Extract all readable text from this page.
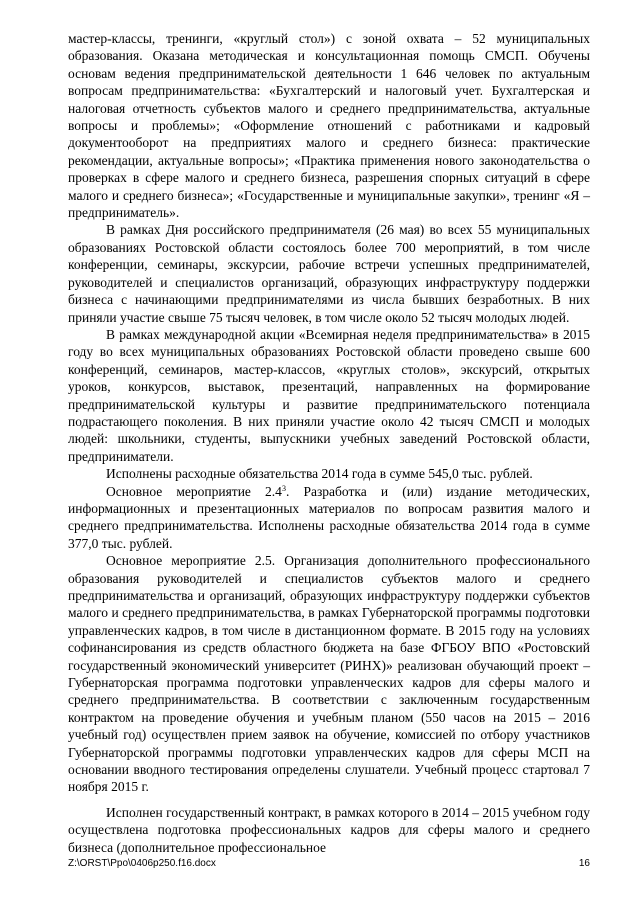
мастер-классы, тренинги, «круглый стол») с зоной охвата – 52 муниципальных образования. Оказана методическая и консультационная помощь СМСП. Обучены основам ведения предпринимательской деятельности 1 646 человек по актуальным вопросам предпринимательства: «Бухгалтерский и налоговый учет. Бухгалтерская и налоговая отчетность субъектов малого и среднего предпринимательства, актуальные вопросы и проблемы»; «Оформление отношений с работниками и кадровый документооборот на предприятиях малого и среднего бизнеса: практические рекомендации, актуальные вопросы»; «Практика применения нового законодательства о проверках в сфере малого и среднего бизнеса, разрешения спорных ситуаций в сфере малого и среднего бизнеса»; «Государственные и муниципальные закупки», тренинг «Я – предприниматель».

В рамках Дня российского предпринимателя (26 мая) во всех 55 муниципальных образованиях Ростовской области состоялось более 700 мероприятий, в том числе конференции, семинары, экскурсии, рабочие встречи успешных предпринимателей, руководителей и специалистов организаций, образующих инфраструктуру поддержки бизнеса с начинающими предпринимателями из числа бывших безработных. В них приняли участие свыше 75 тысяч человек, в том числе около 52 тысяч молодых людей.

В рамках международной акции «Всемирная неделя предпринимательства» в 2015 году во всех муниципальных образованиях Ростовской области проведено свыше 600 конференций, семинаров, мастер-классов, «круглых столов», экскурсий, открытых уроков, конкурсов, выставок, презентаций, направленных на формирование предпринимательской культуры и развитие предпринимательского потенциала подрастающего поколения. В них приняли участие около 42 тысяч СМСП и молодых людей: школьники, студенты, выпускники учебных заведений Ростовской области, предприниматели.

Исполнены расходные обязательства 2014 года в сумме 545,0 тыс. рублей.

Основное мероприятие $2.4^3$. Разработка и (или) издание методических, информационных и презентационных материалов по вопросам развития малого и среднего предпринимательства. Исполнены расходные обязательства 2014 года в сумме 377,0 тыс. рублей.

Основное мероприятие 2.5. Организация дополнительного профессионального образования руководителей и специалистов субъектов малого и среднего предпринимательства и организаций, образующих инфраструктуру поддержки субъектов малого и среднего предпринимательства, в рамках Губернаторской программы подготовки управленческих кадров, в том числе в дистанционном формате. В 2015 году на условиях софинансирования из средств областного бюджета на базе ФГБОУ ВПО «Ростовский государственный экономический университет (РИНХ)» реализован обучающий проект – Губернаторская программа подготовки управленческих кадров для сферы малого и среднего предпринимательства. В соответствии с заключенным государственным контрактом на проведение обучения и учебным планом (550 часов на 2015 – 2016 учебный год) осуществлен прием заявок на обучение, комиссией по отбору участников Губернаторской программы подготовки управленческих кадров для сферы МСП на основании вводного тестирования определены слушатели. Учебный процесс стартовал 7 ноября 2015 г.

Исполнен государственный контракт, в рамках которого в 2014 – 2015 учебном году осуществлена подготовка профессиональных кадров для сферы малого и среднего бизнеса (дополнительное профессиональное

Z:\ORST\Ppo\0406p250.f16.docx	16
